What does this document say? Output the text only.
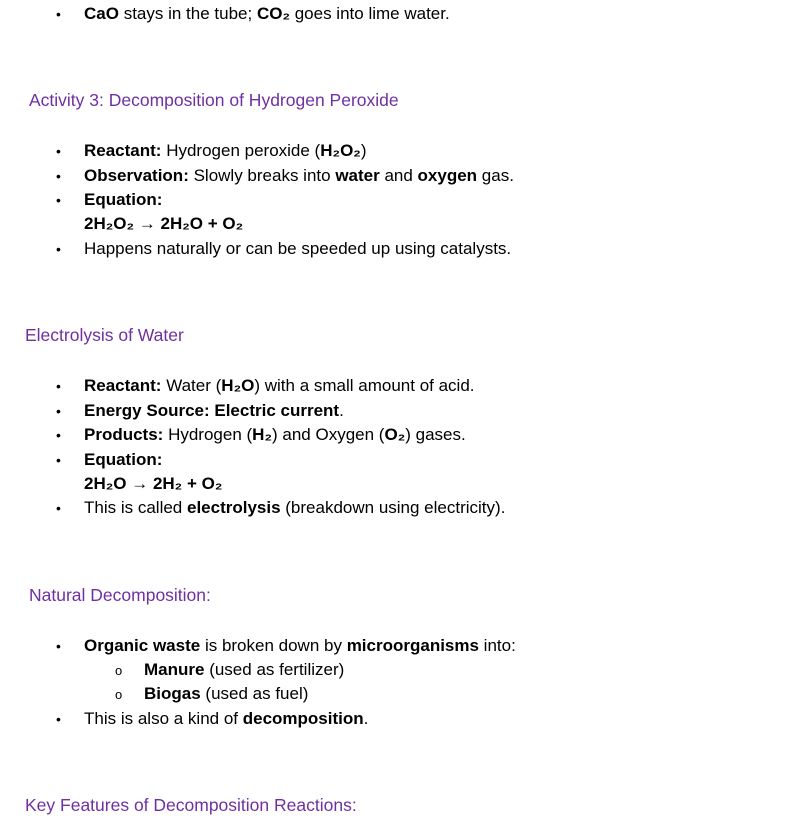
• CaO stays in the tube; CO₂ goes into lime water.
Activity 3: Decomposition of Hydrogen Peroxide
• Reactant: Hydrogen peroxide (H₂O₂)
• Observation: Slowly breaks into water and oxygen gas.
• Equation:
2H₂O₂ → 2H₂O + O₂
• Happens naturally or can be speeded up using catalysts.
Electrolysis of Water
• Reactant: Water (H₂O) with a small amount of acid.
• Energy Source: Electric current.
• Products: Hydrogen (H₂) and Oxygen (O₂) gases.
• Equation:
2H₂O → 2H₂ + O₂
• This is called electrolysis (breakdown using electricity).
Natural Decomposition:
• Organic waste is broken down by microorganisms into:
o Manure (used as fertilizer)
o Biogas (used as fuel)
• This is also a kind of decomposition.
Key Features of Decomposition Reactions:
